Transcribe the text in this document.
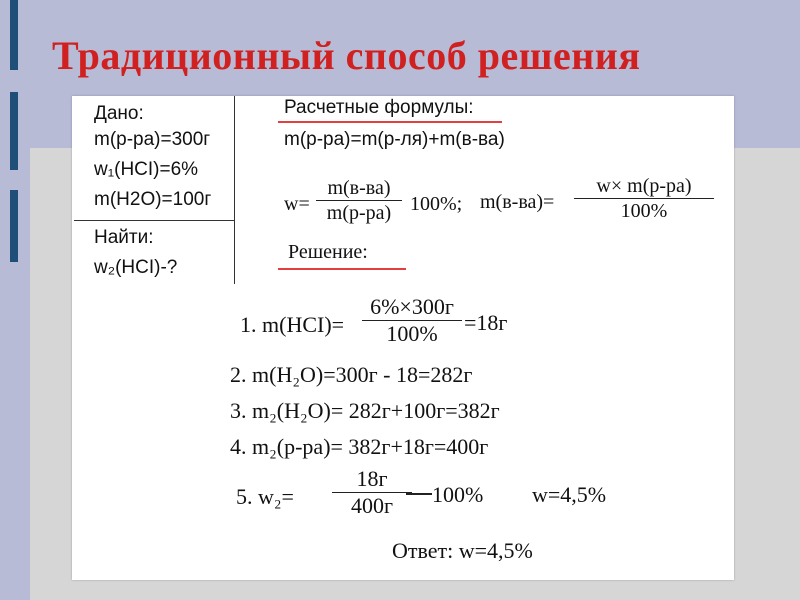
Традиционный способ решения
Дано:
m(р-ра)=300г
w₁(HCI)=6%
m(H2O)=100г
Найти:
w₂(HCI)-?
Расчетные формулы:
m(р-ра)=m(р-ля)+m(в-ва)
w=
m(в-ва)
m(р-ра) 100%; m(в-ва)=
w× m(р-ра)
100%
Решение:
1. m(HCI)=
6%×300г
100%	=18г
2. m(H₂O)=300г - 18=282г
3. m₂(H₂O)= 282г+100г=382г
4. m₂(р-ра)= 382г+18г=400г
5. w₂=
18г
400г	100% w=4,5%
Ответ: w=4,5%
